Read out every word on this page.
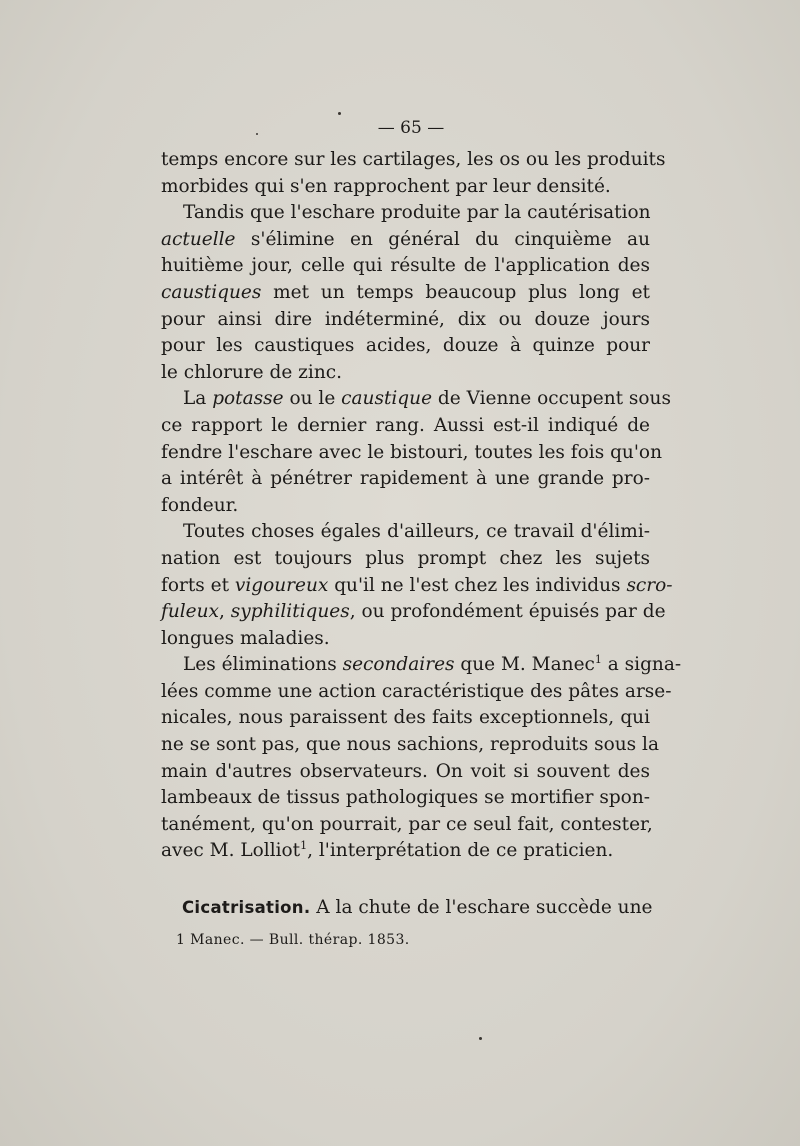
— 65 —

temps encore sur les cartilages, les os ou les produits
morbides qui s'en rapprochent par leur densité.

Tandis que l'eschare produite par la cautérisation
actuelle s'élimine en général du cinquième au
huitième jour, celle qui résulte de l'application des
caustiques met un temps beaucoup plus long et
pour ainsi dire indéterminé, dix ou douze jours
pour les caustiques acides, douze à quinze pour
le chlorure de zinc.

La potasse ou le caustique de Vienne occupent sous
ce rapport le dernier rang. Aussi est-il indiqué de
fendre l'eschare avec le bistouri, toutes les fois qu'on
a intérêt à pénétrer rapidement à une grande pro-
fondeur.

Toutes choses égales d'ailleurs, ce travail d'élimi-
nation est toujours plus prompt chez les sujets
forts et vigoureux qu'il ne l'est chez les individus scro-
fuleux, syphilitiques, ou profondément épuisés par de
longues maladies.

Les éliminations secondaires que M. Manec$^1$ a signa-
lées comme une action caractéristique des pâtes arse-
nicales, nous paraissent des faits exceptionnels, qui
ne se sont pas, que nous sachions, reproduits sous la
main d'autres observateurs. On voit si souvent des
lambeaux de tissus pathologiques se mortifier spon-
tanément, qu'on pourrait, par ce seul fait, contester,
avec M. Lolliot$^1$, l'interprétation de ce praticien.

Cicatrisation. A la chute de l'eschare succède une
1 Manec. — Bull. thérap. 1853.
